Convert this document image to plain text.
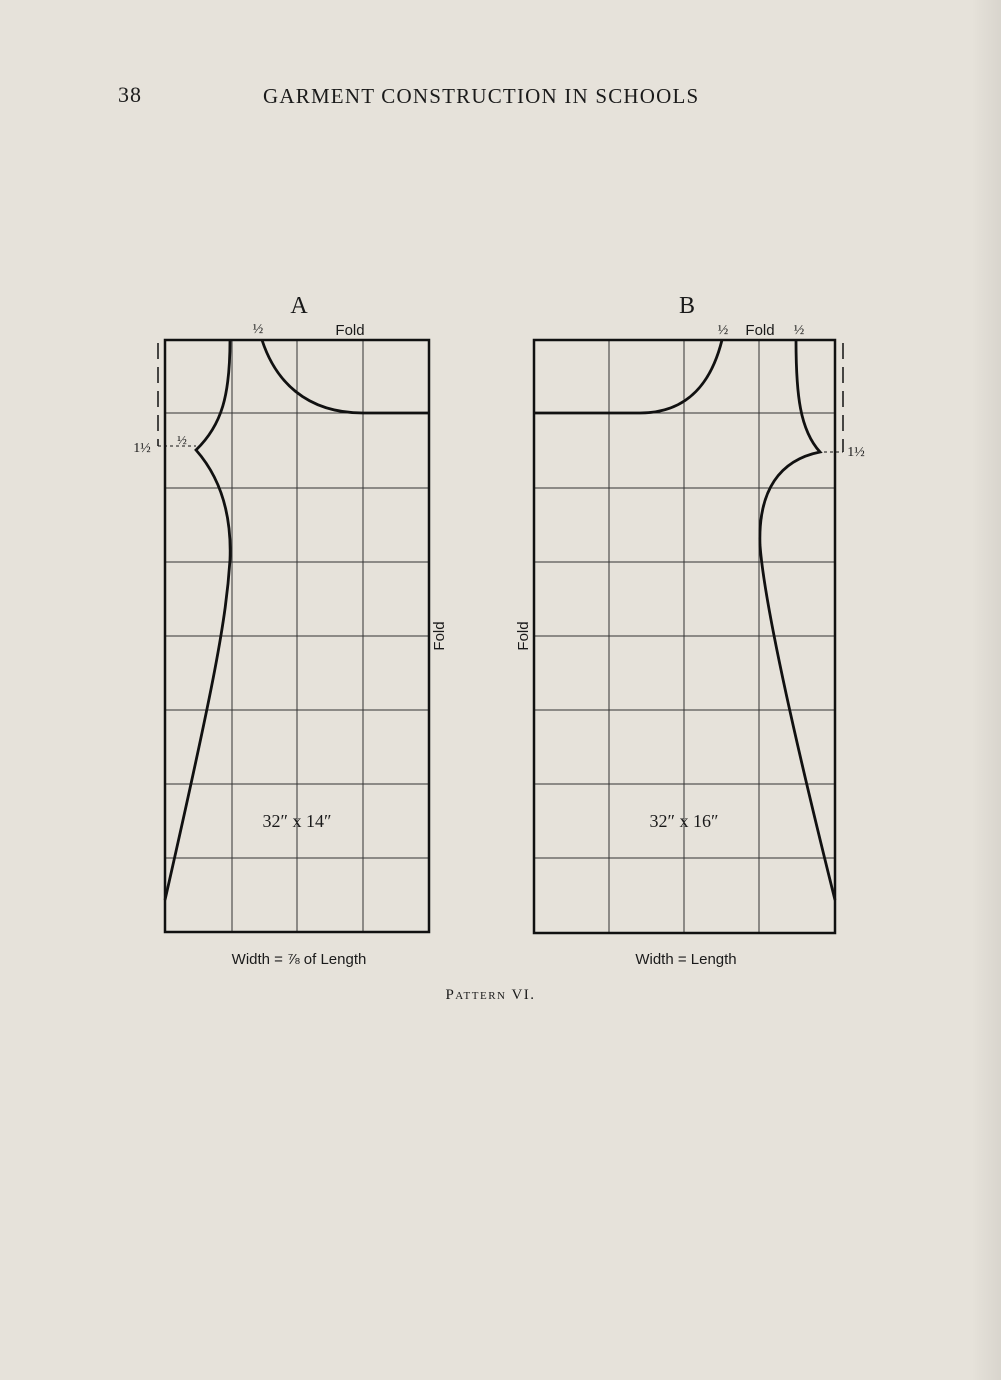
38	GARMENT CONSTRUCTION IN SCHOOLS
A
½	Fold
1½
½
Fold
32″ x 14″
Width = ⅞ of Length
B
½ Fold ½
1½
Fold
32″ x 16″
Width = Length
Pattern VI.
